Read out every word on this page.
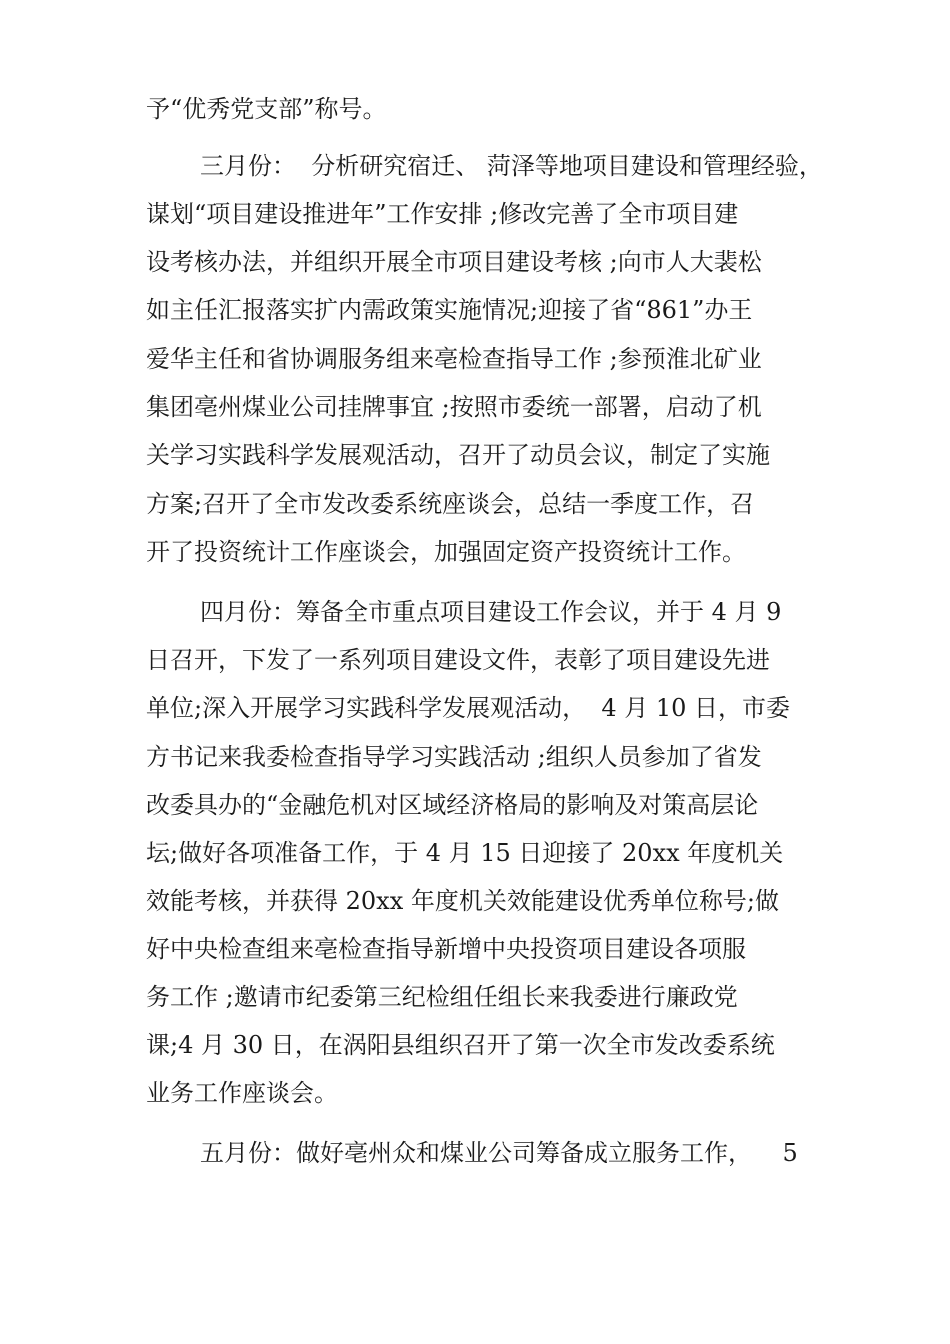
予“优秀党支部”称号。
三月份：  分析研究宿迁、 菏泽等地项目建设和管理经验，
谋划“项目建设推进年”工作安排 ;修改完善了全市项目建
设考核办法，并组织开展全市项目建设考核 ;向市人大裴松
如主任汇报落实扩内需政策实施情况;迎接了省“861”办王
爱华主任和省协调服务组来亳检查指导工作 ;参预淮北矿业
集团亳州煤业公司挂牌事宜 ;按照市委统一部署，启动了机
关学习实践科学发展观活动，召开了动员会议，制定了实施
方案;召开了全市发改委系统座谈会，总结一季度工作，召
开了投资统计工作座谈会，加强固定资产投资统计工作。
四月份：筹备全市重点项目建设工作会议，并于 4 月 9
日召开，下发了一系列项目建设文件，表彰了项目建设先进
单位;深入开展学习实践科学发展观活动，  4 月 10 日，市委
方书记来我委检查指导学习实践活动 ;组织人员参加了省发
改委具办的“金融危机对区域经济格局的影响及对策高层论
坛;做好各项准备工作，于 4 月 15 日迎接了 20xx 年度机关
效能考核，并获得 20xx 年度机关效能建设优秀单位称号;做
好中央检查组来亳检查指导新增中央投资项目建设各项服
务工作 ;邀请市纪委第三纪检组任组长来我委进行廉政党
课;4 月 30 日，在涡阳县组织召开了第一次全市发改委系统
业务工作座谈会。
五月份：做好亳州众和煤业公司筹备成立服务工作，    5
